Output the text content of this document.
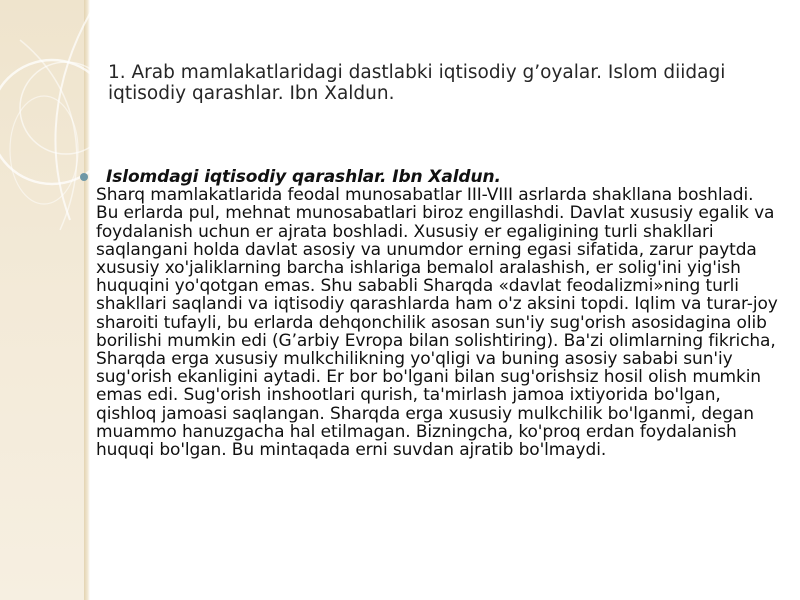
1. Arab mamlakatlaridagi dastlabki iqtisodiy g’oyalar. Islom diidagi iqtisodiy qarashlar. Ibn Xaldun.

Islomdagi iqtisodiy qarashlar. Ibn Xaldun.
Sharq mamlakatlarida feodal munosabatlar III-VIII asrlarda shakllana boshladi. Bu erlarda pul, mehnat munosabatlari biroz engillashdi. Davlat xususiy egalik va foydalanish uchun er ajrata boshladi. Xususiy er egaligining turli shakllari saqlangani holda davlat asosiy va unumdor erning egasi sifatida, zarur paytda xususiy xo'jaliklarning barcha ishlariga bemalol aralashish, er solig'ini yig'ish huquqini yo'qotgan emas. Shu sababli Sharqda «davlat feodalizmi»ning turli shakllari saqlandi va iqtisodiy qarashlarda ham o'z aksini topdi. Iqlim va turar-joy sharoiti tufayli, bu erlarda dehqonchilik asosan sun'iy sug'orish asosidagina olib borilishi mumkin edi (G’arbiy Evropa bilan solishtiring). Ba'zi olimlarning fikricha, Sharqda erga xususiy mulkchilikning yo'qligi va buning asosiy sababi sun'iy sug'orish ekanligini aytadi. Er bor bo'lgani bilan sug'orishsiz hosil olish mumkin emas edi. Sug'orish inshootlari qurish, ta'mirlash jamoa ixtiyorida bo'lgan, qishloq jamoasi saqlangan. Sharqda erga xususiy mulkchilik bo'lganmi, degan muammo hanuzgacha hal etilmagan. Bizningcha, ko'proq erdan foydalanish huquqi bo'lgan. Bu mintaqada erni suvdan ajratib bo'lmaydi.
